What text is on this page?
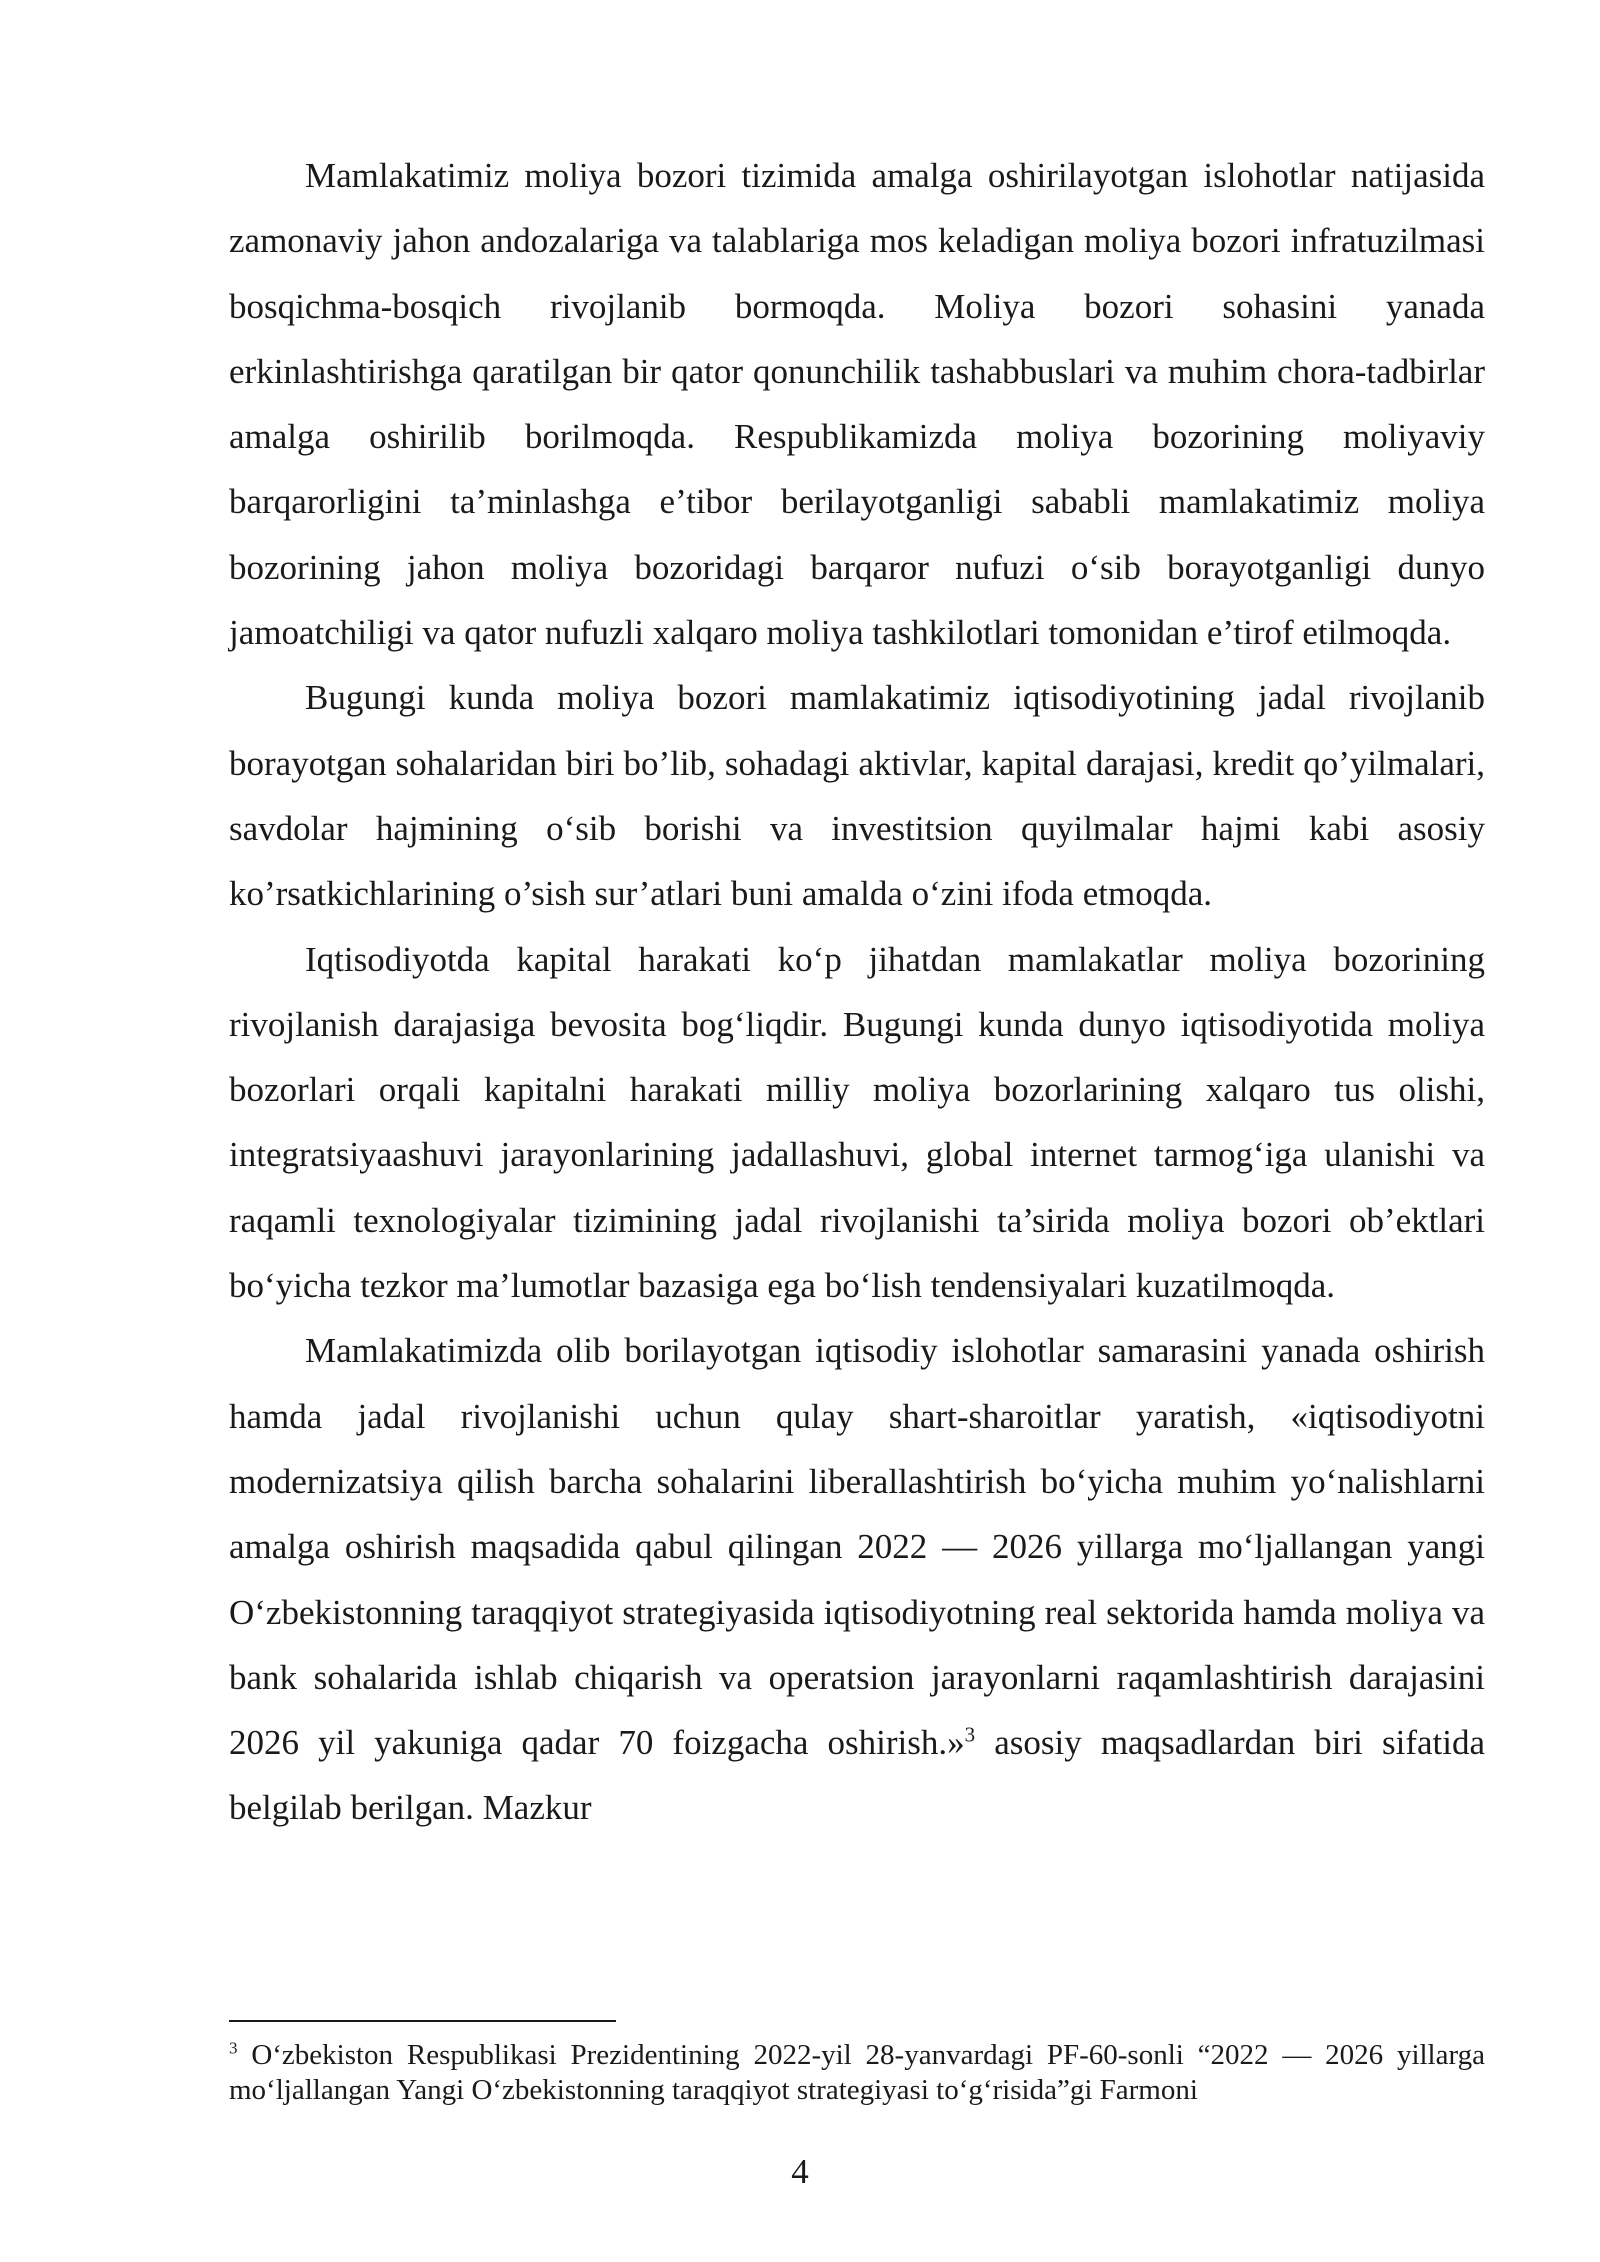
Mamlakatimiz moliya bozori tizimida amalga oshirilayotgan islohotlar natijasida zamonaviy jahon andozalariga va talablariga mos keladigan moliya bozori infratuzilmasi bosqichma-bosqich rivojlanib bormoqda. Moliya bozori sohasini yanada erkinlashtirishga qaratilgan bir qator qonunchilik tashabbuslari va muhim chora-tadbirlar amalga oshirilib borilmoqda. Respublikamizda moliya bozorining moliyaviy barqarorligini ta’minlashga e’tibor berilayotganligi sababli mamlakatimiz moliya bozorining jahon moliya bozoridagi barqaror nufuzi o‘sib borayotganligi dunyo jamoatchiligi va qator nufuzli xalqaro moliya tashkilotlari tomonidan e’tirof etilmoqda.

Bugungi kunda moliya bozori mamlakatimiz iqtisodiyotining jadal rivojlanib borayotgan sohalaridan biri bo’lib, sohadagi aktivlar, kapital darajasi, kredit qo’yilmalari, savdolar hajmining o‘sib borishi va investitsion quyilmalar hajmi kabi asosiy ko’rsatkichlarining o’sish sur’atlari buni amalda o‘zini ifoda etmoqda.

Iqtisodiyotda kapital harakati ko‘p jihatdan mamlakatlar moliya bozorining rivojlanish darajasiga bevosita bog‘liqdir. Bugungi kunda dunyo iqtisodiyotida moliya bozorlari orqali kapitalni harakati milliy moliya bozorlarining xalqaro tus olishi, integratsiyaashuvi jarayonlarining jadallashuvi, global internet tarmog‘iga ulanishi va raqamli texnologiyalar tizimining jadal rivojlanishi ta’sirida moliya bozori ob’ektlari bo‘yicha tezkor ma’lumotlar bazasiga ega bo‘lish tendensiyalari kuzatilmoqda.

Mamlakatimizda olib borilayotgan iqtisodiy islohotlar samarasini yanada oshirish hamda jadal rivojlanishi uchun qulay shart-sharoitlar yaratish, «iqtisodiyotni modernizatsiya qilish barcha sohalarini liberallashtirish bo‘yicha muhim yo‘nalishlarni amalga oshirish maqsadida qabul qilingan 2022 — 2026 yillarga mo‘ljallangan yangi O‘zbekistonning taraqqiyot strategiyasida iqtisodiyotning real sektorida hamda moliya va bank sohalarida ishlab chiqarish va operatsion jarayonlarni raqamlashtirish darajasini 2026 yil yakuniga qadar 70 foizgacha oshirish.»$^3$ asosiy maqsadlardan biri sifatida belgilab berilgan. Mazkur

$^3$ O‘zbekiston Respublikasi Prezidentining 2022-yil 28-yanvardagi PF-60-sonli “2022 — 2026 yillarga mo‘ljallangan Yangi O‘zbekistonning taraqqiyot strategiyasi to‘g‘risida”gi Farmoni
4
